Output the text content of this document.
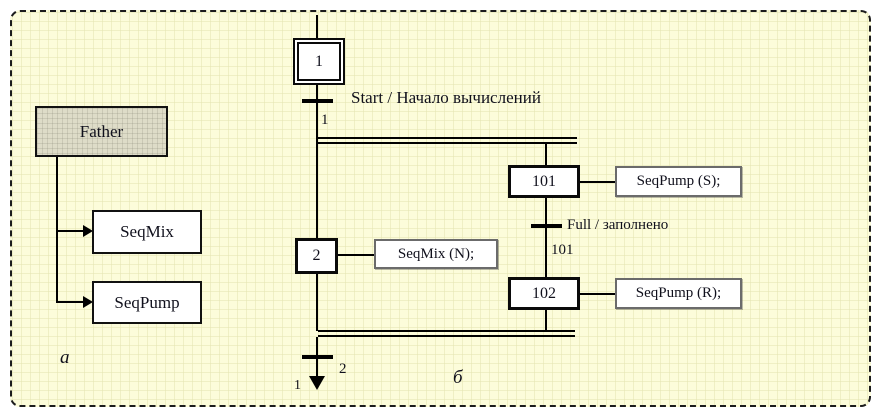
Father
SeqMix
SeqPump
а
1
Start / Начало вычислений
1
2	SeqMix (N);
101	SeqPump (S);
Full / заполнено
101
102	SeqPump (R);
2
1	б
